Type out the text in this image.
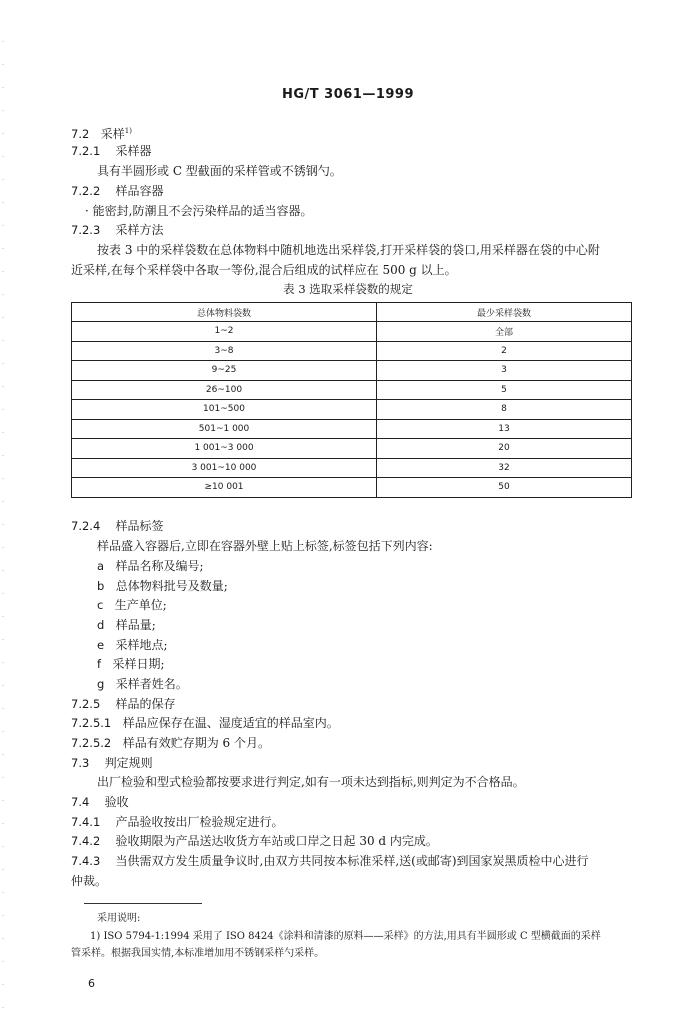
HG/T 3061—1999
7.2 采样$^{1)}$
7.2.1 采样器
具有半圆形或 C 型截面的采样管或不锈钢勺。
7.2.2 样品容器
· 能密封,防潮且不会污染样品的适当容器。
7.2.3 采样方法
按表 3 中的采样袋数在总体物料中随机地选出采样袋,打开采样袋的袋口,用采样器在袋的中心附
近采样,在每个采样袋中各取一等份,混合后组成的试样应在 500 g 以上。
表 3 选取采样袋数的规定
总体物料袋数	最少采样袋数
1~2	全部
3~8	2
9~25	3
26~100	5
101~500	8
501~1 000	13
1 001~3 000	20
3 001~10 000	32
≥10 001	50
7.2.4 样品标签
样品盛入容器后,立即在容器外壁上贴上标签,标签包括下列内容:
a 样品名称及编号;
b 总体物料批号及数量;
c 生产单位;
d 样品量;
e 采样地点;
f 采样日期;
g 采样者姓名。
7.2.5 样品的保存
7.2.5.1 样品应保存在温、湿度适宜的样品室内。
7.2.5.2 样品有效贮存期为 6 个月。
7.3 判定规则
出厂检验和型式检验都按要求进行判定,如有一项未达到指标,则判定为不合格品。
7.4 验收
7.4.1 产品验收按出厂检验规定进行。
7.4.2 验收期限为产品送达收货方车站或口岸之日起 30 d 内完成。
7.4.3 当供需双方发生质量争议时,由双方共同按本标准采样,送(或邮寄)到国家炭黑质检中心进行
仲裁。
采用说明:
1) ISO 5794-1:1994 采用了 ISO 8424《涂料和清漆的原料——采样》的方法,用具有半圆形或 C 型横截面的采样
管采样。根据我国实情,本标准增加用不锈钢采样勺采样。
6
